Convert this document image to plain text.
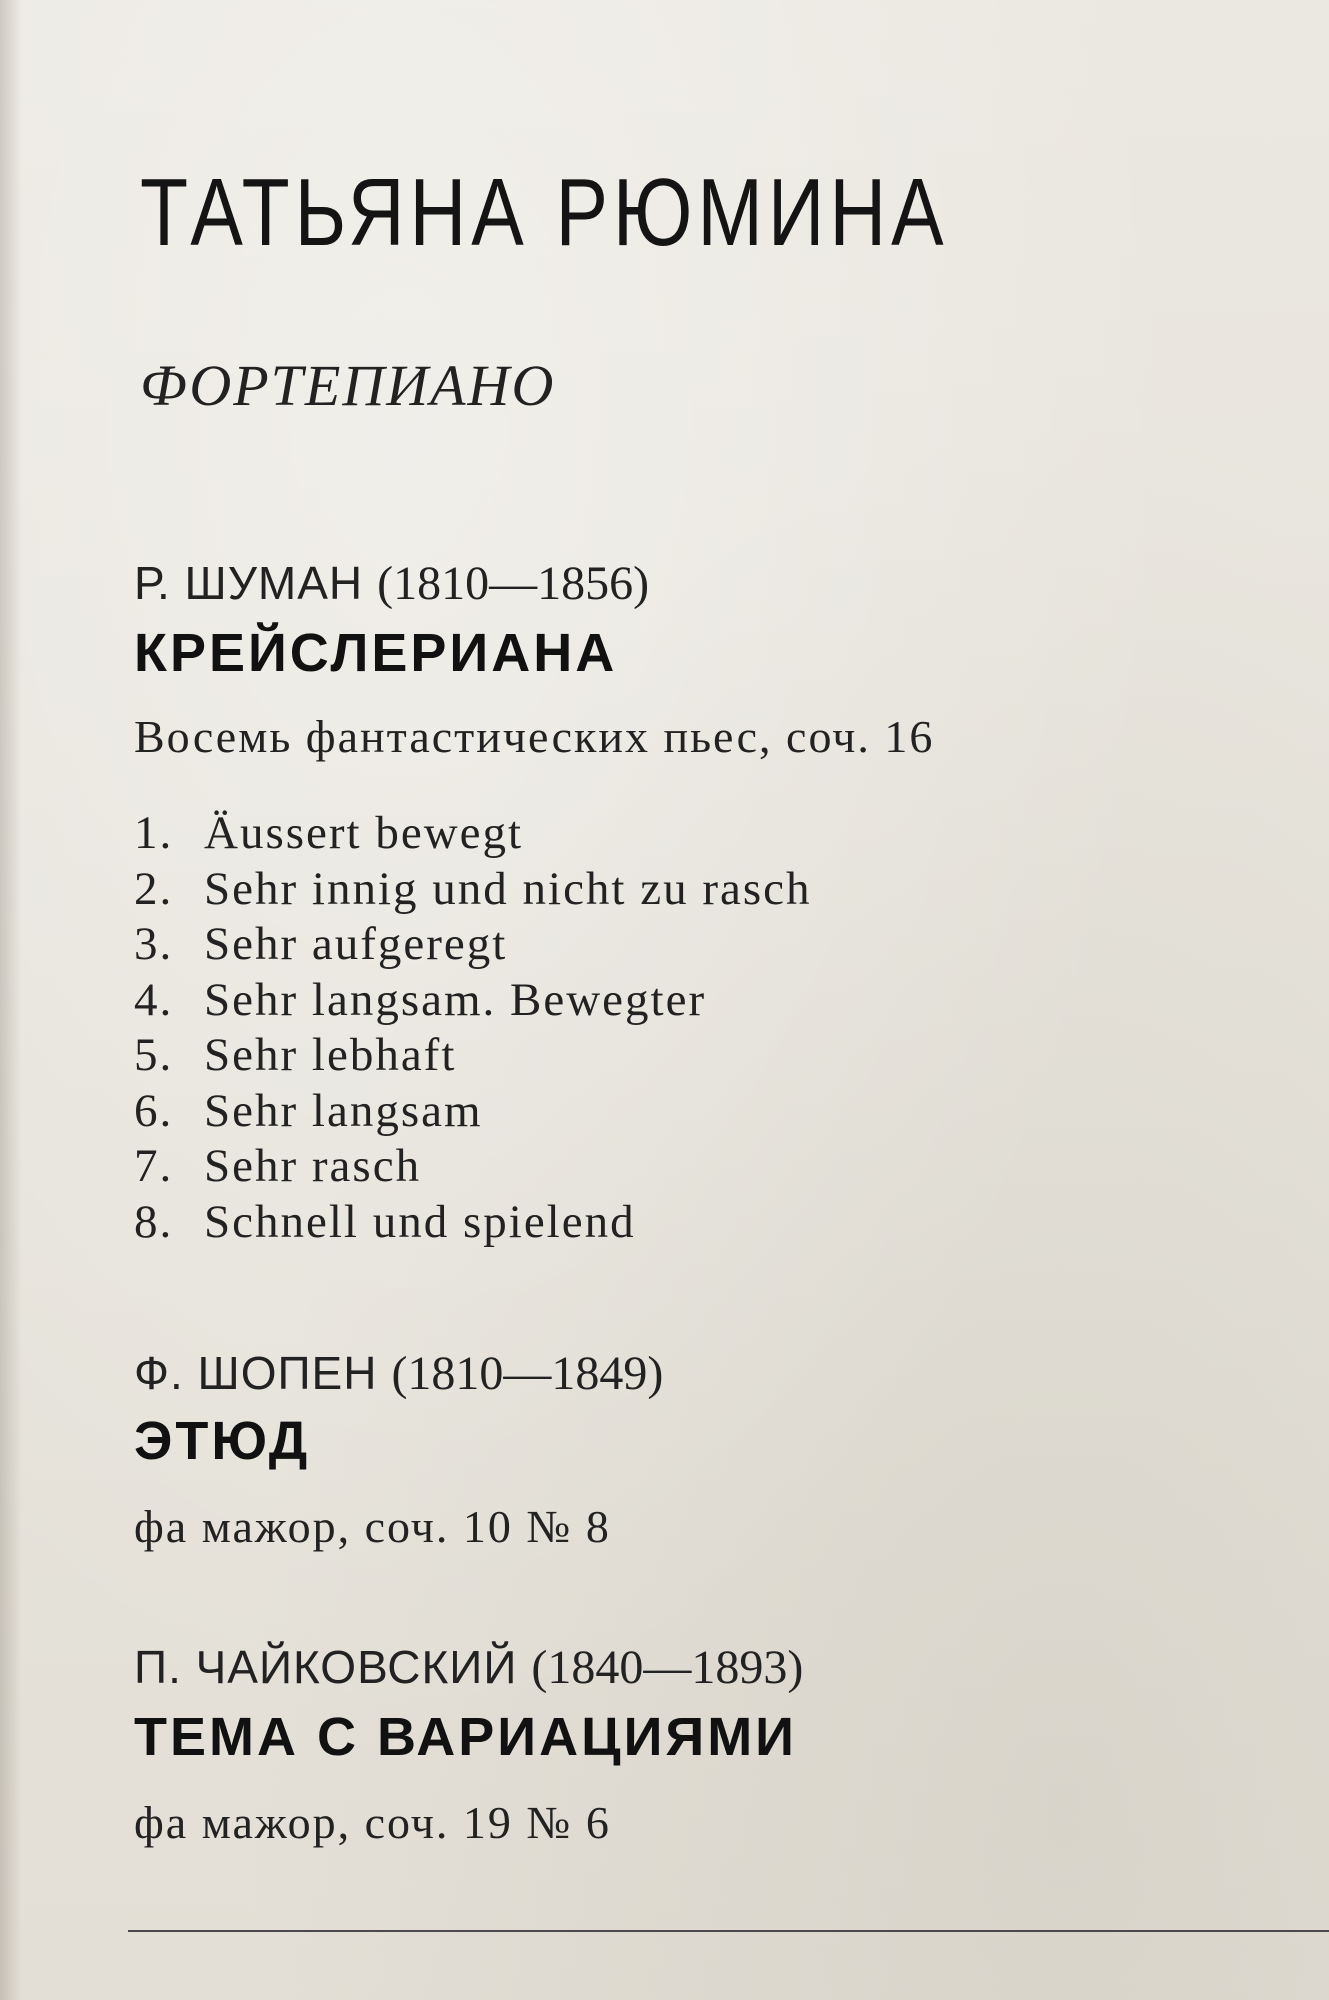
ТАТЬЯНА РЮМИНА
ФОРТЕПИАНО
Р. ШУМАН (1810—1856)
КРЕЙСЛЕРИАНА
Восемь фантастических пьес, соч. 16
1. Äussert bewegt
2. Sehr innig und nicht zu rasch
3. Sehr aufgeregt
4. Sehr langsam. Bewegter
5. Sehr lebhaft
6. Sehr langsam
7. Sehr rasch
8. Schnell und spielend
Ф. ШОПЕН (1810—1849)
ЭТЮД
фа мажор, соч. 10 № 8
П. ЧАЙКОВСКИЙ (1840—1893)
ТЕМА С ВАРИАЦИЯМИ
фа мажор, соч. 19 № 6
